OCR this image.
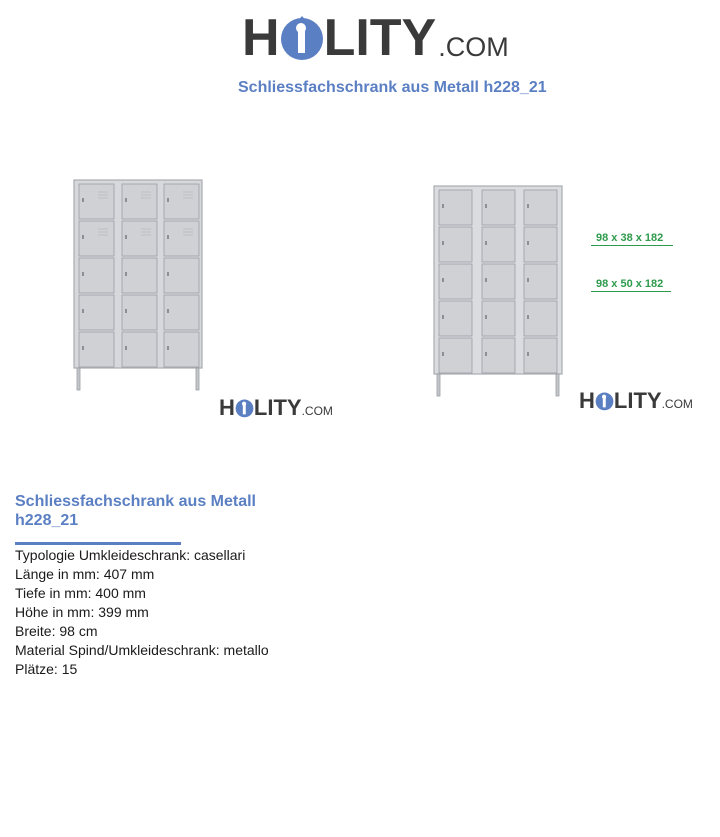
H LITY .COM
Schliessfachschrank aus Metall h228_21
H LITY .COM	H LITY .COM
98 x 38 x 182
98 x 50 x 182
Schliessfachschrank aus Metall h228_21
Typologie Umkleideschrank: casellari
Länge in mm: 407 mm
Tiefe in mm: 400 mm
Höhe in mm: 399 mm
Breite: 98 cm
Material Spind/Umkleideschrank: metallo
Plätze: 15
